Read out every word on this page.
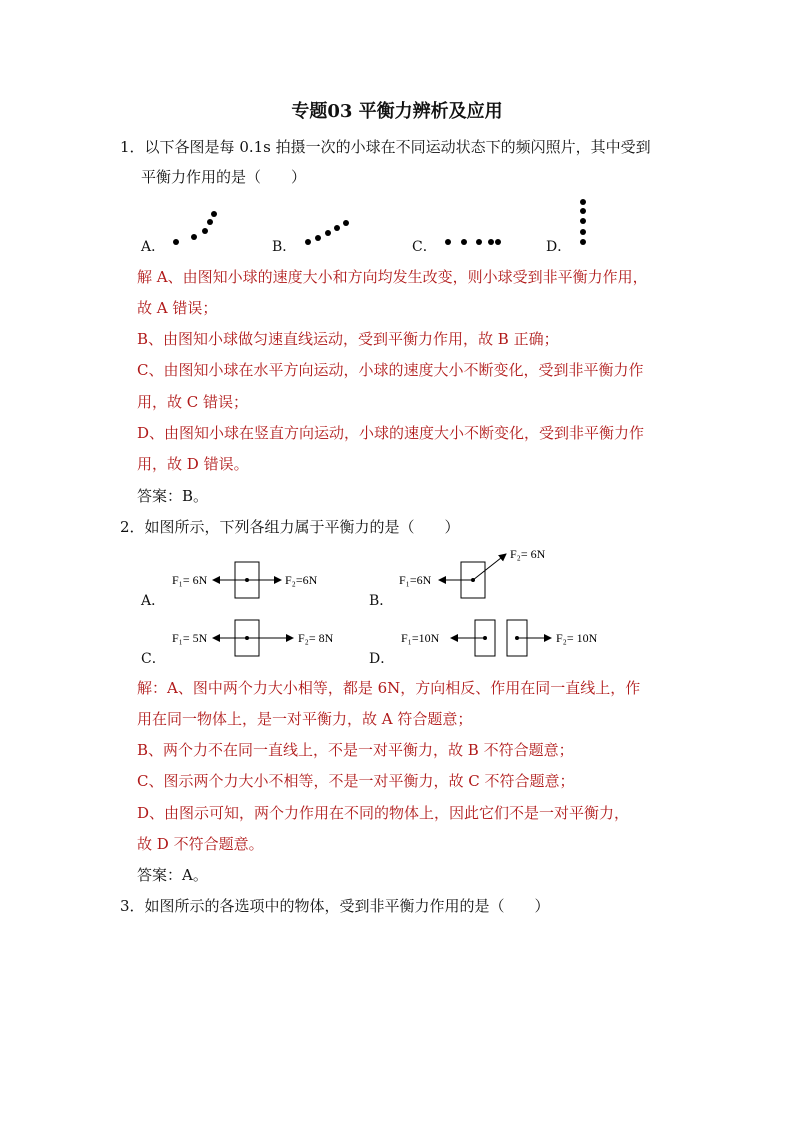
专题03 平衡力辨析及应用
1．以下各图是每 0.1s 拍摄一次的小球在不同运动状态下的频闪照片，其中受到
平衡力作用的是（　　）
A．	B．	C．	D．
解 A、由图知小球的速度大小和方向均发生改变，则小球受到非平衡力作用，
故 A 错误；
B、由图知小球做匀速直线运动，受到平衡力作用，故 B 正确；
C、由图知小球在水平方向运动，小球的速度大小不断变化，受到非平衡力作
用，故 C 错误；
D、由图知小球在竖直方向运动，小球的速度大小不断变化，受到非平衡力作
用，故 D 错误。
答案：B。
2．如图所示，下列各组力属于平衡力的是（　　）
F₁= 6N	F₂=6N	F₁=6N
F₂= 6N
F₁= 5N	F₂= 8N	F₁=10N	F₂= 10N
A．	B．
C．	D．
解：A、图中两个力大小相等，都是 6N，方向相反、作用在同一直线上，作
用在同一物体上，是一对平衡力，故 A 符合题意；
B、两个力不在同一直线上，不是一对平衡力，故 B 不符合题意；
C、图示两个力大小不相等，不是一对平衡力，故 C 不符合题意；
D、由图示可知，两个力作用在不同的物体上，因此它们不是一对平衡力，
故 D 不符合题意。
答案：A。
3．如图所示的各选项中的物体，受到非平衡力作用的是（　　）
